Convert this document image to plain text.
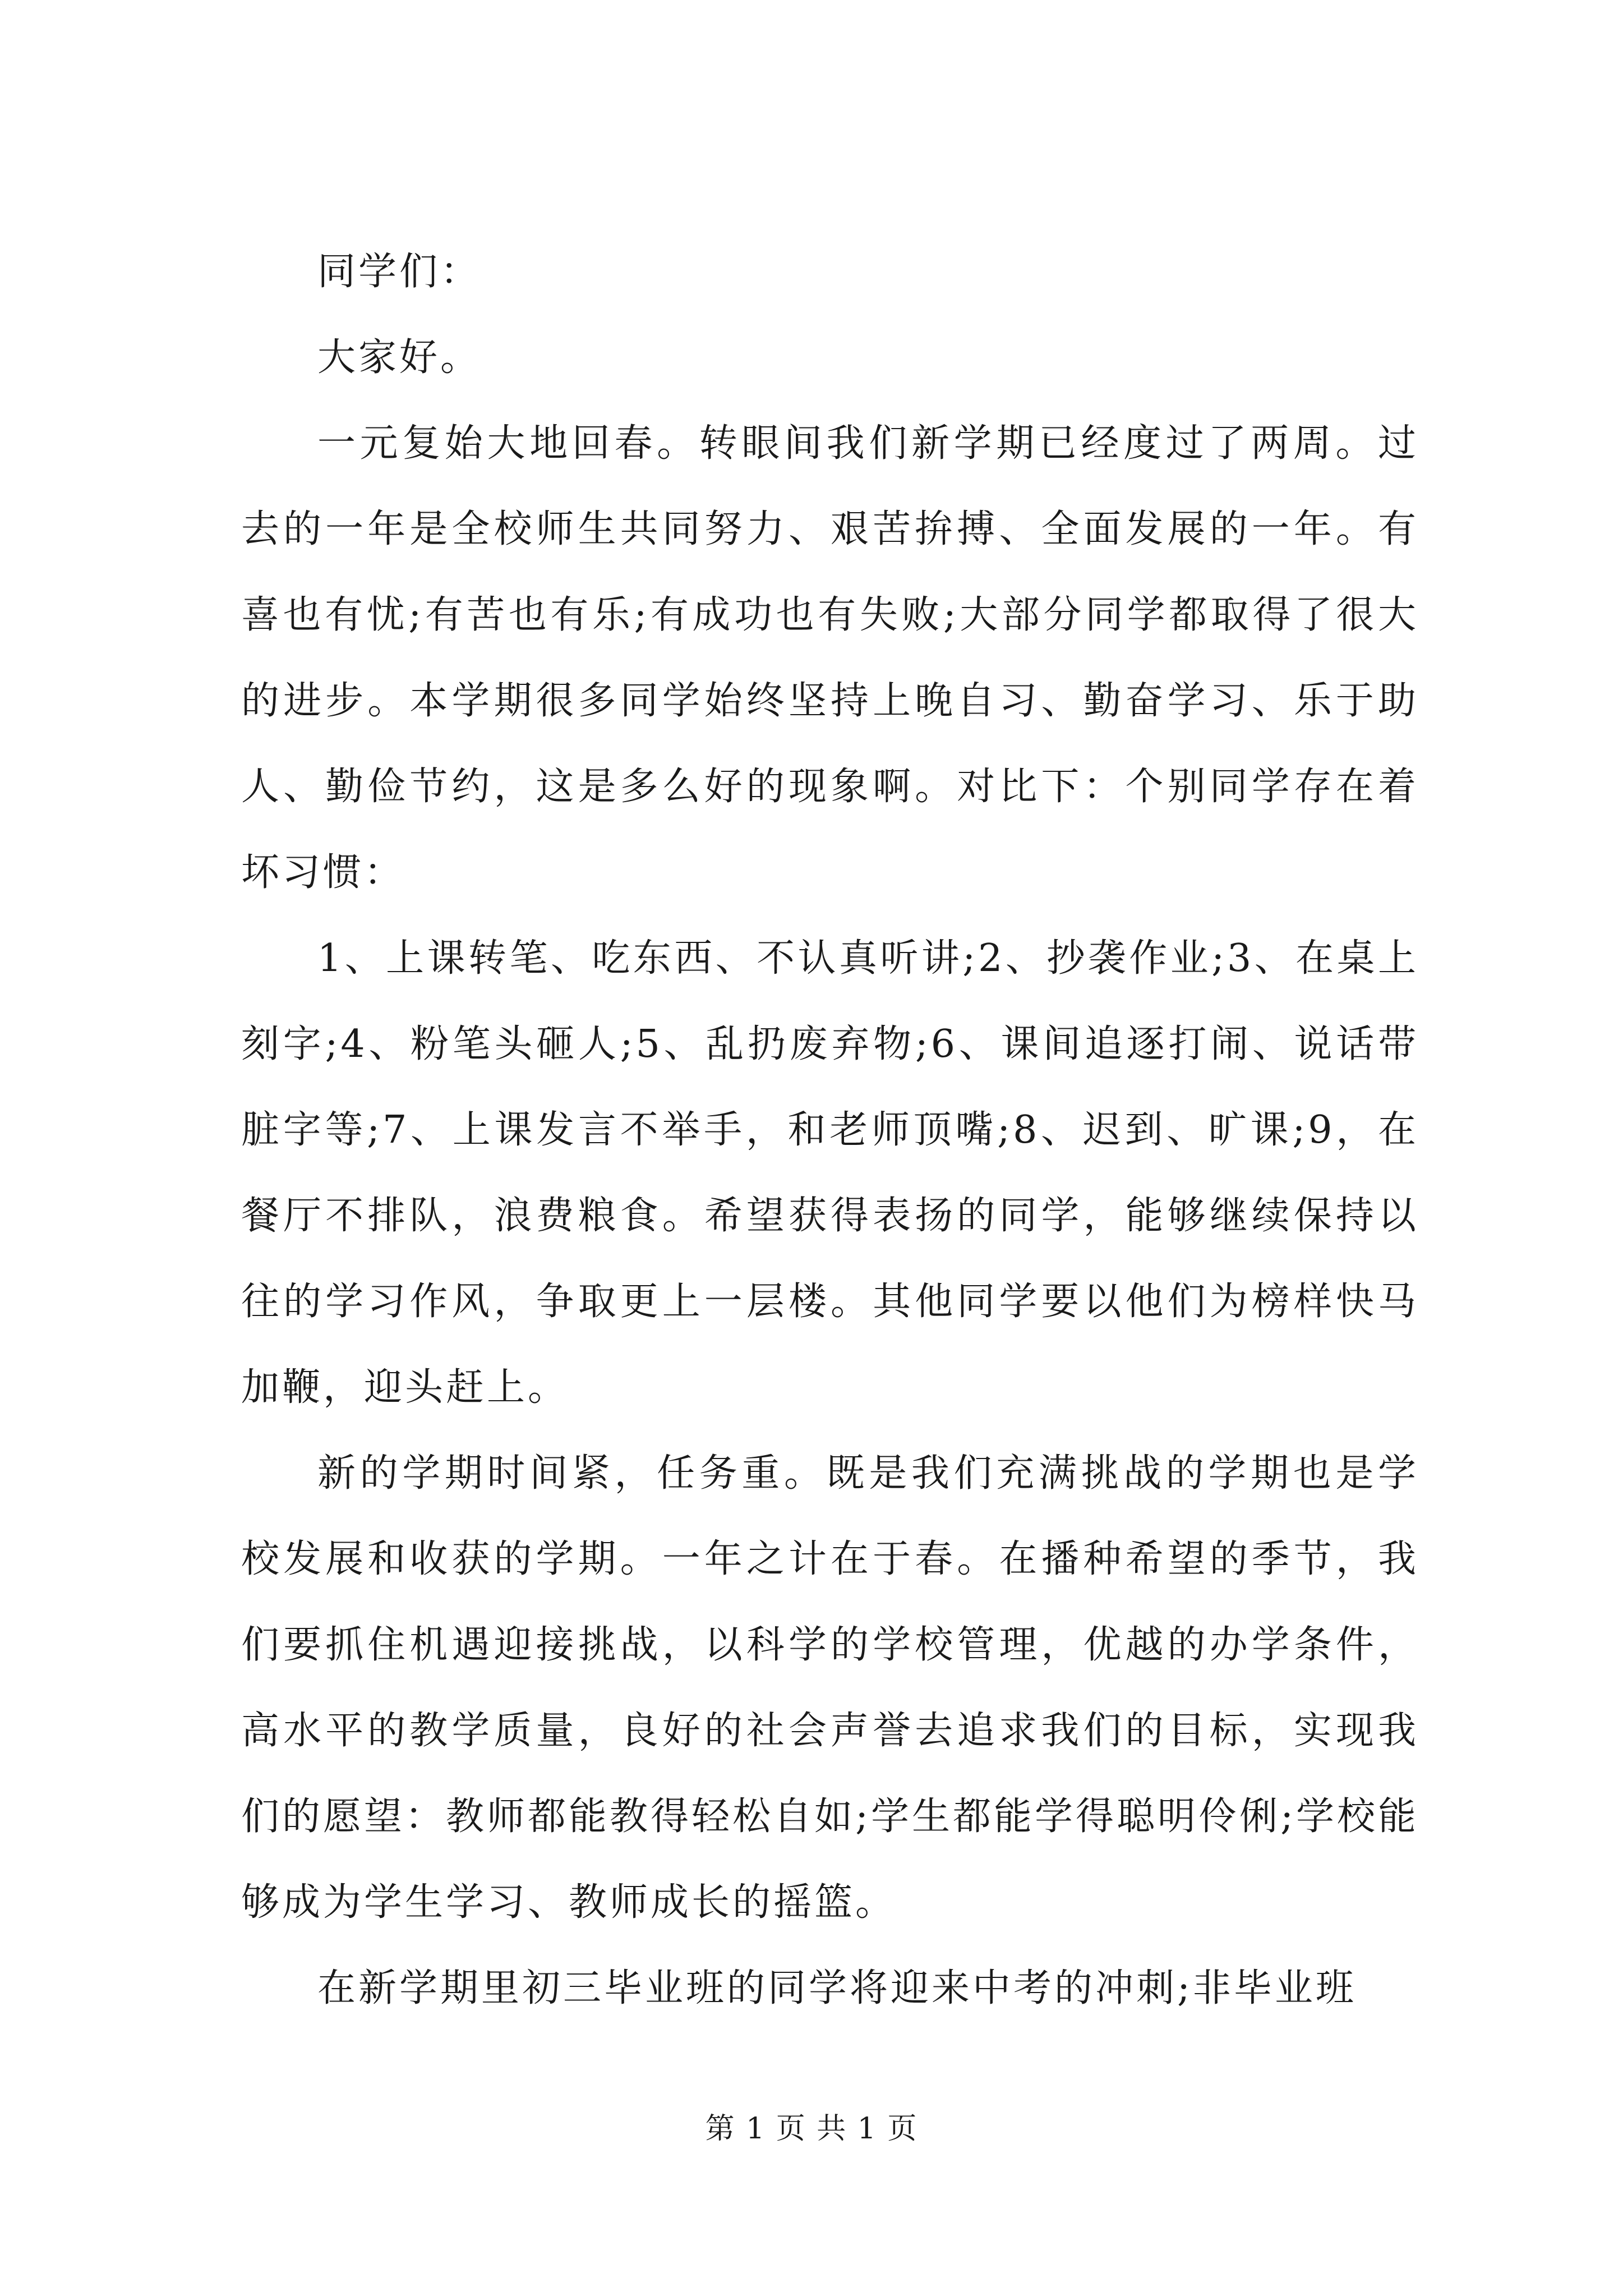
同学们：

大家好。

一元复始大地回春。转眼间我们新学期已经度过了两周。过去的一年是全校师生共同努力、艰苦拚搏、全面发展的一年。有喜也有忧;有苦也有乐;有成功也有失败;大部分同学都取得了很大的进步。本学期很多同学始终坚持上晚自习、勤奋学习、乐于助人、勤俭节约，这是多么好的现象啊。对比下：个别同学存在着坏习惯：

1、上课转笔、吃东西、不认真听讲;2、抄袭作业;3、在桌上刻字;4、粉笔头砸人;5、乱扔废弃物;6、课间追逐打闹、说话带脏字等;7、上课发言不举手，和老师顶嘴;8、迟到、旷课;9，在餐厅不排队，浪费粮食。希望获得表扬的同学，能够继续保持以往的学习作风，争取更上一层楼。其他同学要以他们为榜样快马加鞭，迎头赶上。

新的学期时间紧，任务重。既是我们充满挑战的学期也是学校发展和收获的学期。一年之计在于春。在播种希望的季节，我们要抓住机遇迎接挑战，以科学的学校管理，优越的办学条件，高水平的教学质量，良好的社会声誉去追求我们的目标，实现我们的愿望：教师都能教得轻松自如;学生都能学得聪明伶俐;学校能够成为学生学习、教师成长的摇篮。

在新学期里初三毕业班的同学将迎来中考的冲刺;非毕业班

第 1 页 共 1 页
